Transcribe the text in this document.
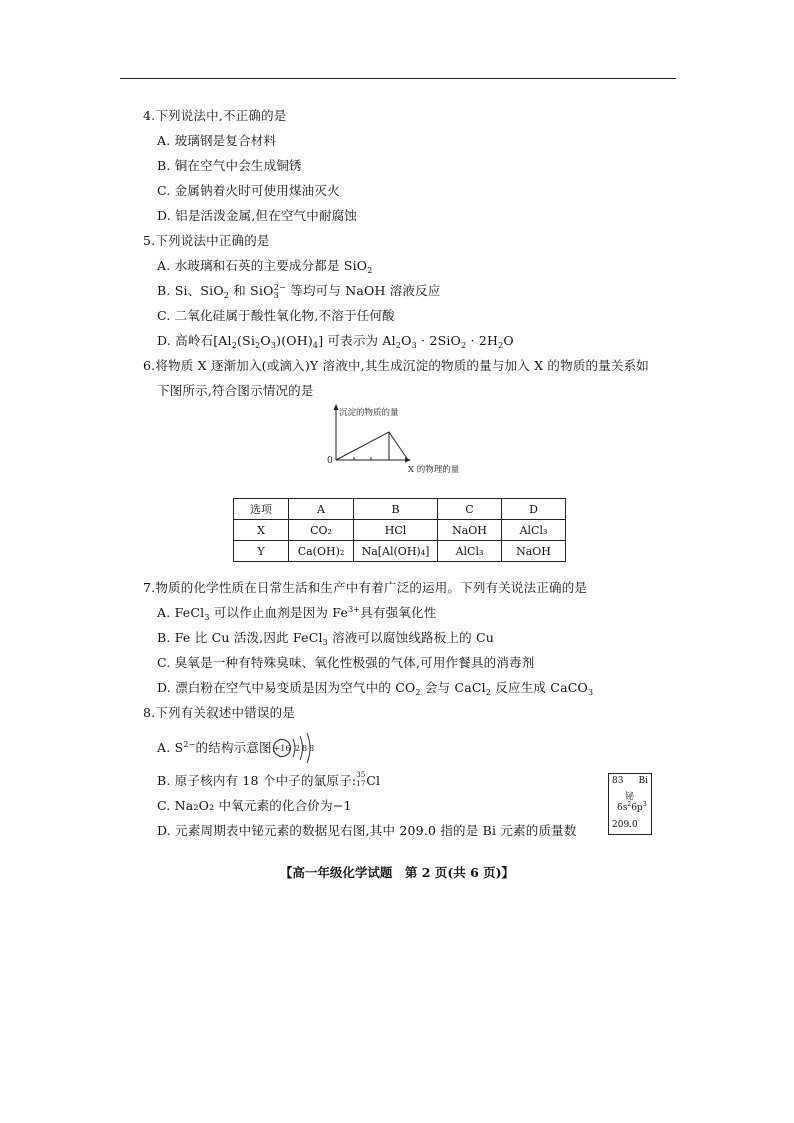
4.下列说法中,不正确的是
A. 玻璃钢是复合材料
B. 铜在空气中会生成铜锈
C. 金属钠着火时可使用煤油灭火
D. 铝是活泼金属,但在空气中耐腐蚀
5.下列说法中正确的是
A. 水玻璃和石英的主要成分都是 SiO$_2$
B. Si、SiO$_2$ 和 SiO$_3^{2-}$ 等均可与 NaOH 溶液反应
C. 二氧化硅属于酸性氧化物,不溶于任何酸
D. 高岭石$[Al_2(Si_2O_3)(OH)_4]$ 可表示为 $Al_2O_3 \cdot 2SiO_2 \cdot 2H_2O$
6.将物质 X 逐渐加入(或滴入)Y 溶液中,其生成沉淀的物质的量与加入 X 的物质的量关系如
下图所示,符合图示情况的是
沉淀的物质的量
0
X 的物理的量
选项	A	B	C	D
X	CO₂	HCl	NaOH	AlCl₃
Y	Ca(OH)₂	Na[Al(OH)₄]	AlCl₃	NaOH
7.物质的化学性质在日常生活和生产中有着广泛的运用。下列有关说法正确的是
A. FeCl$_3$ 可以作止血剂是因为 $Fe^{3+}$具有强氧化性
B. Fe 比 Cu 活泼,因此 FeCl$_3$ 溶液可以腐蚀线路板上的 Cu
C. 臭氧是一种有特殊臭味、氧化性极强的气体,可用作餐具的消毒剂
D. 漂白粉在空气中易变质是因为空气中的 $CO_2$ 会与 CaCl$_2$ 反应生成 CaCO$_3$
8.下列有关叙述中错误的是
A. $S^{2-}$的结构示意图:
+16 2 8 8
B. 原子核内有 18 个中子的氯原子: 35
17 Cl
C. Na₂O₂ 中氧元素的化合价为−1
D. 元素周期表中铋元素的数据见右图,其中 209.0 指的是 Bi 元素的质量数
83 Bi
铋
$6s^26p^3$
209.0
【高一年级化学试题　第 2 页(共 6 页)】
